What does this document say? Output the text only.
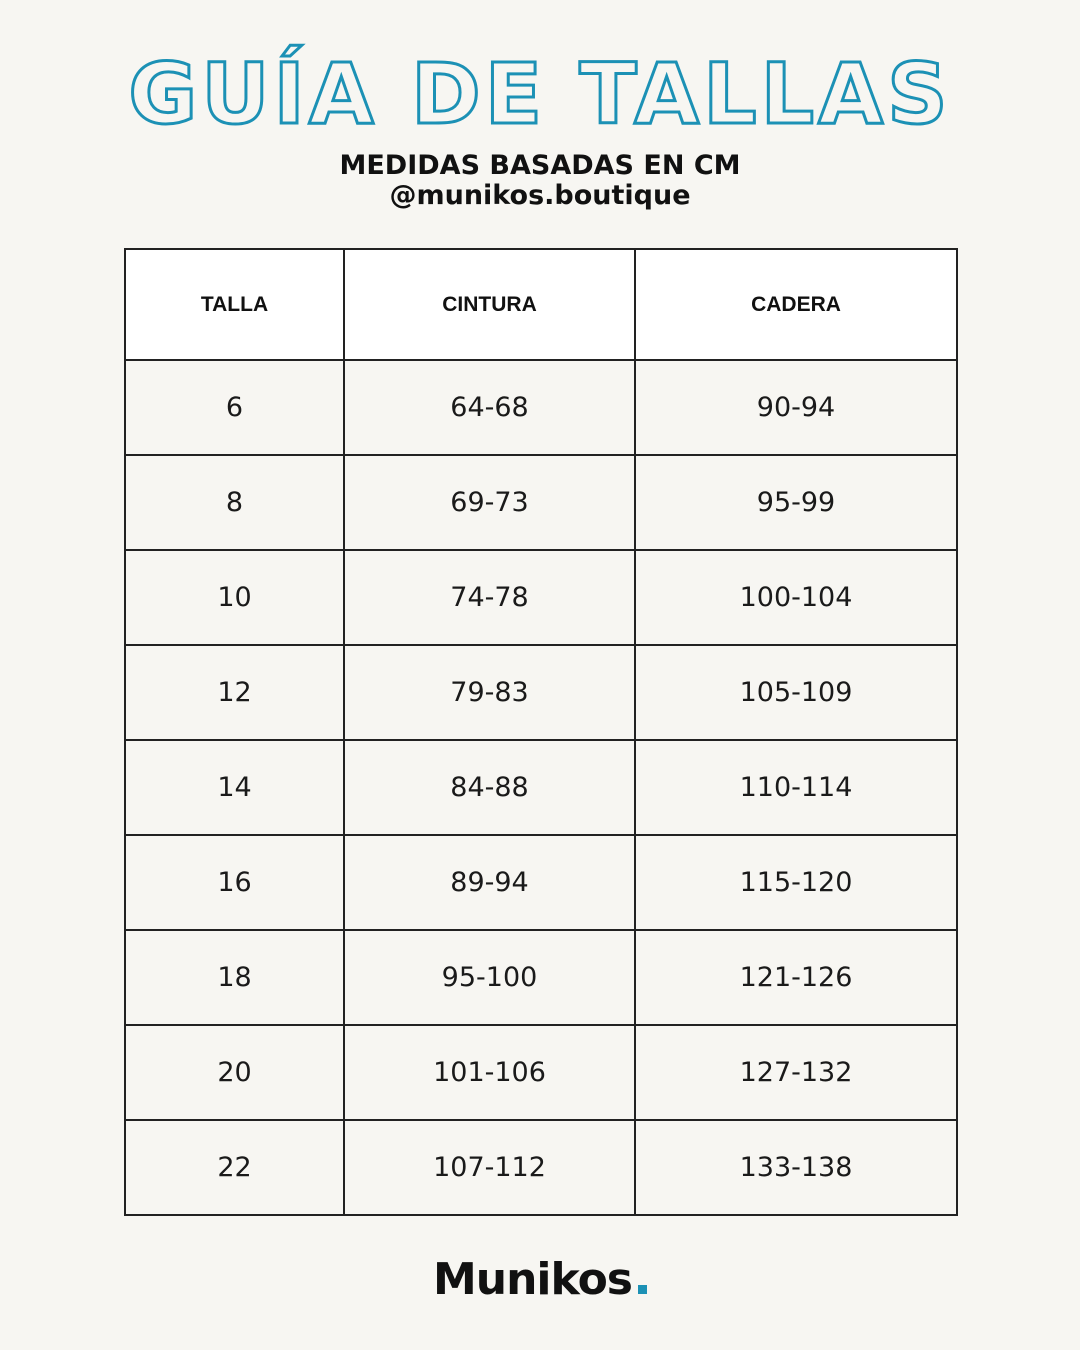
GUÍA DE TALLAS
MEDIDAS BASADAS EN CM
@munikos.boutique
TALLA	CINTURA	CADERA
6	64-68	90-94
8	69-73	95-99
10	74-78	100-104
12	79-83	105-109
14	84-88	110-114
16	89-94	115-120
18	95-100	121-126
20	101-106	127-132
22	107-112	133-138
Munikos
